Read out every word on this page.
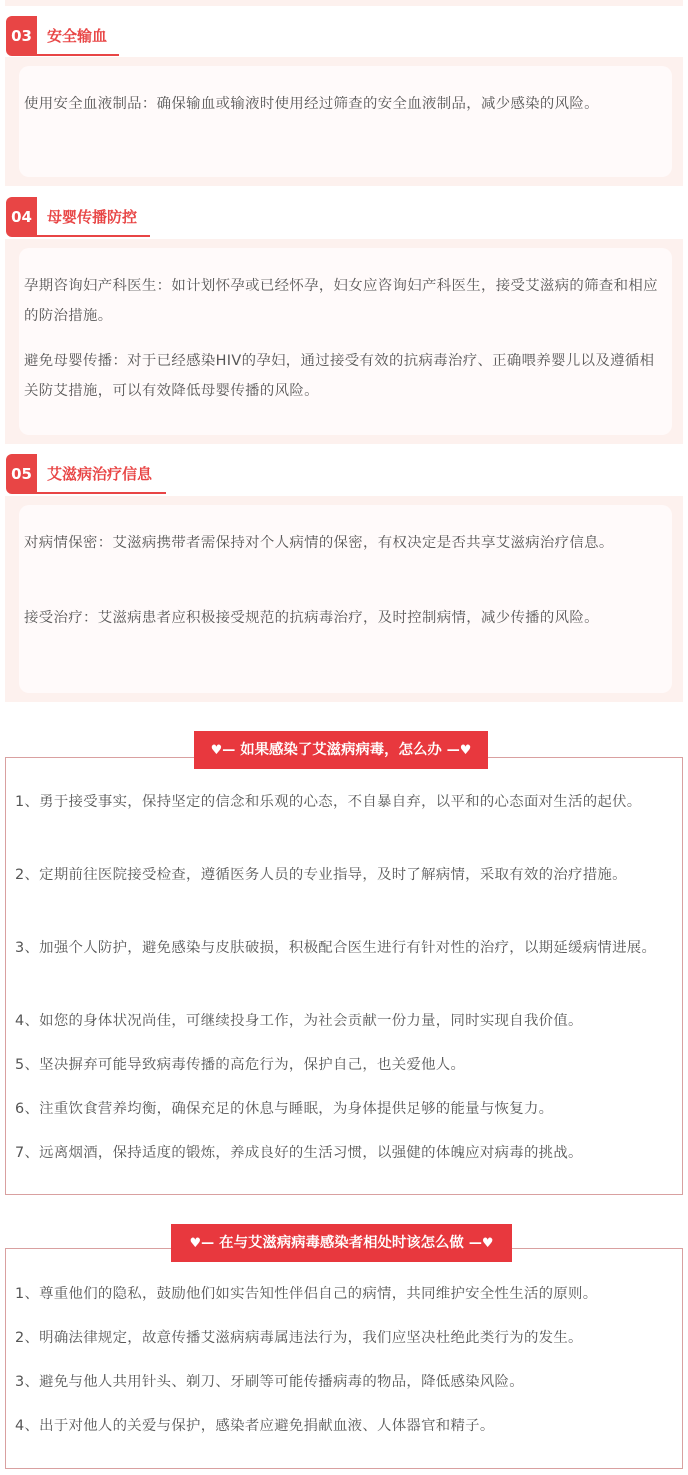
03	安全输血
使用安全血液制品：确保输血或输液时使用经过筛查的安全血液制品，减少感染的风险。
04	母婴传播防控
孕期咨询妇产科医生：如计划怀孕或已经怀孕，妇女应咨询妇产科医生，接受艾滋病的筛查和相应的防治措施。
避免母婴传播：对于已经感染HIV的孕妇，通过接受有效的抗病毒治疗、正确喂养婴儿以及遵循相关防艾措施，可以有效降低母婴传播的风险。
05	艾滋病治疗信息
对病情保密：艾滋病携带者需保持对个人病情的保密，有权决定是否共享艾滋病治疗信息。
接受治疗：艾滋病患者应积极接受规范的抗病毒治疗，及时控制病情，减少传播的风险。
♥— 如果感染了艾滋病病毒，怎么办 —♥
1、勇于接受事实，保持坚定的信念和乐观的心态，不自暴自弃，以平和的心态面对生活的起伏。
2、定期前往医院接受检查，遵循医务人员的专业指导，及时了解病情，采取有效的治疗措施。
3、加强个人防护，避免感染与皮肤破损，积极配合医生进行有针对性的治疗，以期延缓病情进展。
4、如您的身体状况尚佳，可继续投身工作，为社会贡献一份力量，同时实现自我价值。
5、坚决摒弃可能导致病毒传播的高危行为，保护自己，也关爱他人。
6、注重饮食营养均衡，确保充足的休息与睡眠，为身体提供足够的能量与恢复力。
7、远离烟酒，保持适度的锻炼，养成良好的生活习惯，以强健的体魄应对病毒的挑战。
♥— 在与艾滋病病毒感染者相处时该怎么做 —♥
1、尊重他们的隐私，鼓励他们如实告知性伴侣自己的病情，共同维护安全性生活的原则。
2、明确法律规定，故意传播艾滋病病毒属违法行为，我们应坚决杜绝此类行为的发生。
3、避免与他人共用针头、剃刀、牙刷等可能传播病毒的物品，降低感染风险。
4、出于对他人的关爱与保护，感染者应避免捐献血液、人体器官和精子。
